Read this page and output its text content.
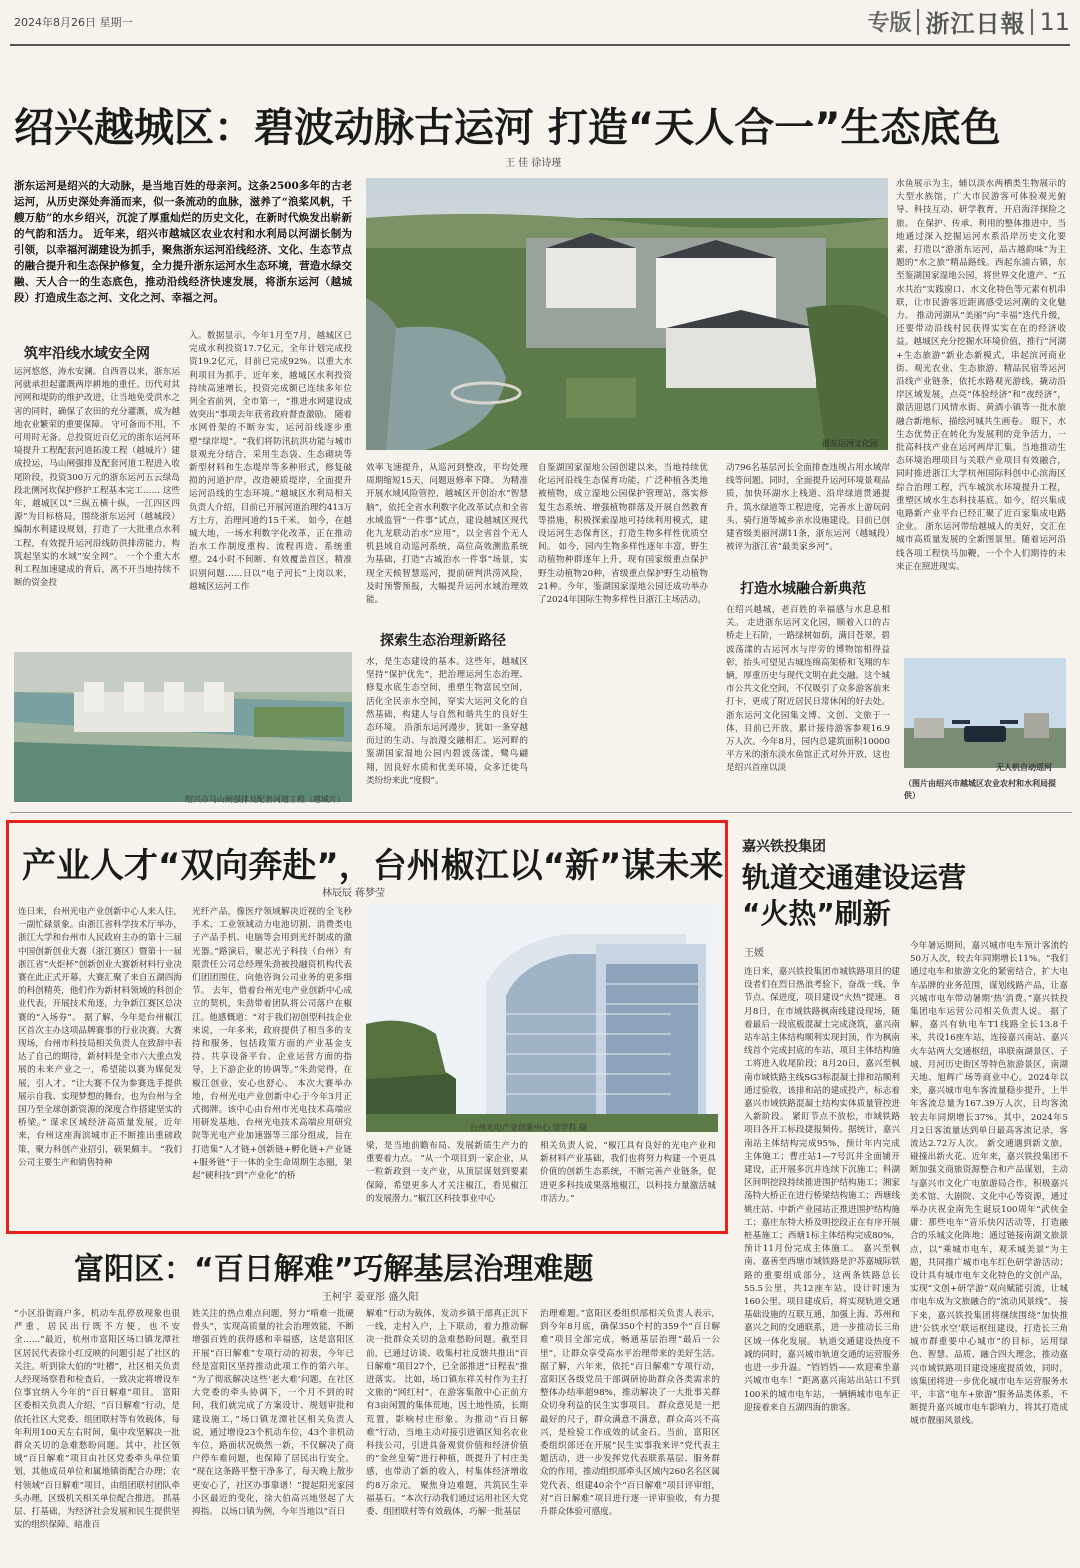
2024年8月26日 星期一	专版 浙江日報 11
绍兴越城区：碧波动脉古运河 打造“天人合一”生态底色
王 佳 徐诗瑾
浙东运河是绍兴的大动脉，是当地百姓的母亲河。这条2500多年的古老运河，从历史深处奔涌而来，似一条流动的血脉，滋养了“浪桨风帆，千艘万舫”的水乡绍兴，沉淀了厚重灿烂的历史文化，在新时代焕发出崭新的气韵和活力。 近年来，绍兴市越城区农业农村和水利局以河湖长制为引领，以幸福河湖建设为抓手，聚焦浙东运河沿线经济、文化、生态节点的融合提升和生态保护修复，全力提升浙东运河水生态环境，营造水绿交融、天人合一的生态底色，推动沿线经济快速发展，将浙东运河（越城段）打造成生态之河、文化之河、幸福之河。
筑牢沿线水域安全网
运河悠悠，涛水安澜。自西晋以来，浙东运河就承担起灌溉两岸耕地的重任。历代对其河网和堤防的维护改进，让当地免受洪水之害的同时，确保了农田的充分灌溉，成为越地农业繁荣的重要保障。 守可备而不用，不可用时无备。总投资近百亿元的浙东运河环境提升工程配套河道拓浚工程（越城片）建成投运，马山闸强排及配套河道工程进入收尾阶段，投资300万元的浙东运河五云绿岛段北侧河坎保护修护工程基本完工…… 这些年，越城区以“三纵五横十纵，一江四区四源”为目标格局，围绕浙东运河（越城段）编制水利建设规划，打造了一大批重点水利工程，有效提升运河沿线防洪排涝能力，构筑起坚实的水域“安全网”。 一个个重大水利工程加速建成的背后，离不开当地持续不断的资金投
入。数据显示，今年1月至7月，越城区已完成水利投资17.7亿元，全年计划完成投资19.2亿元，目前已完成92%。以重大水利项目为抓手，近年来，越城区水利投资持续高速增长，投资完成额已连续多年位列全省前列，全市第一，“推进水网建设成效突出”事项去年获省政府督查激励。 随着水网骨架的不断夯实，运河沿线逐步重塑“绿岸堤”。“我们将防汛抗洪功能与城市景观充分结合，采用生态袋、生态砌块等新型材料和生态堤岸等多种形式，修复破损的河道护岸，改造硬质堤岸，全面提升运河沿线的生态环境。”越城区水利局相关负责人介绍，目前已开展河道治理约413万方土方，治理河道约15千米。 如今，在越城大地，一场水利数字化改革，正在推动治水工作制度重构、流程再造、系统重塑。24小时不间断、有效覆盖首区，精准识别问题……日以“电子河长”上岗以来，越城区运河工作
浙东运河文化园
水鱼展示为主，辅以淡水两栖类生物展示的大型水族馆，广大市民游客可体验观光俯导、科技互动、研学教育，开启海洋探险之旅。 在保护、传承、利用的整体推进中，当地通过深入挖掘运河水系沿岸历史文化要素，打造以“游浙东运河，品古越韵味”为主题的“水之旅”精品路线。西起东浦古镇，东至鉴湖国家湿地公园，将世界文化遗产、“五水共治”实践窗口、水文化特色等元素有机串联，让市民游客近距离感受运河潮的文化魅力。 推动河湖从“美丽”向“幸福”迭代升级，还要带动沿线村民获得实实在在的经济收益。越城区充分挖掘水环境价值，推行“河湖+生态旅游”新业态新模式，串起滨河商业街、观光农业、生态旅游、精品民宿等运河沿线产业链条，依托水路观光游线，撬动沿岸区域发展，点亮“体验经济”和“夜经济”，激活迎恩门风情水街、黄酒小镇等一批水旅融合新地标，描绘河城共生画卷。 眼下，水生态优势正在转化为发展利的竞争活力，一批高科技产业在运河两岸汇集。当地推动生态环境治理项目与关联产业项目有效融合，同时推进浙江大学杭州国际科创中心滨海区综合治理工程，汽车城滨水环境提升工程，重塑区域水生态科技基底。如今，绍兴集成电路新产业平台已经汇聚了近百家集成电路企业。 浙东运河带给越城人的美好，交汇在城市高质量发展的全新图景里。随着运河沿线各项工程快马加鞭，一个个人们期待的未来正在照进现实。
绍兴市马山闸强排及配套河道工程（越城片）
效率飞速提升，从巡河到整改，平均处理周期缩短15天，问题返修率下降。 为精准开展水域风险管控，越城区开创治水“智慧脑”，依托全省水利数字化改革试点和全省水域监管“一件事”试点，建设越城区现代化九龙联动治水“应用”，以全省首个无人机县域自动巡河系统，高位高效测监系统为基础，打造“古城治水一件事”场景，实现全天候智慧巡河，提前研判洪涝风险，及时预警预报，大幅提升运河水域治理效能。
探索生态治理新路径
水，是生态建设的基本。这些年，越城区坚持“保护优先”，把治理运河生态治理、修复水底生态空间，重塑生物富民空间，活化全民亲水空间，穿实大运河文化的自然基础，构建人与自然和谐共生的良好生态环境。 沿浙东运河漫步，犹如一条穿越而过的生动、与浪漫交融相汇。运河畔的鉴湖国家湿地公园内碧波荡漾，鹭鸟翩翔，因良好水质和优美环境，众多迁徙鸟类纷纷来此“度假”。
自鉴湖国家湿地公园创建以来，当地持续优化运河沿线生态保育功能，广泛种植各类地被植物，成立湿地公园保护管理站，落实修复生态系统、增强植物群落及开展自然教育等措施，积极探索湿地可持续利用模式，建设运河生态保育区，打造生物多样性优质空间。 如今，园内生物多样性逐年丰富，野生动植物种群逐年上升，现有国家级重点保护野生动植物20种，省级重点保护野生动植物21种。今年，鉴湖国家湿地公园还成功举办了2024年国际生物多样性日浙江主场活动。
动796名基层河长全面排查违规占用水域岸线等问题。同时，全面提升运河环境景观品质，加快环湖水上栈道、沿岸绿道贯通提升，筑水绿道等工程进度，完善水上游玩码头、骑行道等城乡亲水设施建设。目前已创建省级美丽河湖11条，浙东运河（越城段）被评为浙江省“最美家乡河”。
打造水城融合新典范
在绍兴越城，老百姓的幸福感与水息息相关。 走进浙东运河文化园，顺着入口的古桥走上石阶，一路绿树如荫，满目苍翠，碧波荡漾的古运河水与岸旁的博物馆相得益彰，抬头可望见古城连绵高架桥和飞翔的车辆，厚重历史与现代文明在此交融。这个城市公共文化空间，不仅吸引了众多游客前来打卡，更成了附近居民日常休闲的好去处。 浙东运河文化园集文博、文创、文旅于一体，目前已开放，累计接待游客参观16.9万人次。今年8月，园内总建筑面积10000平方米的浙东淡水鱼馆正式对外开放，这也是绍兴首座以淡	无人机自动巡河
（图片由绍兴市越城区农业农村和水利局提供）
产业人才“双向奔赴”，台州椒江以“新”谋未来
林辰辰 蒋梦莹
连日来，台州光电产业创新中心人来人往，一副忙碌景象。由浙江省科学技术厅举办，浙江大学和台州市人民政府主办的第十三届中国创新创业大赛（浙江赛区）暨第十一届浙江省“火炬杯”创新创业大赛新材料行业决赛在此正式开幕。大赛汇聚了来自五湖四海的科创精英，他们作为新材料领域的科创企业代表，开展技术角逐，力争新江赛区总决赛的“入场券”。 据了解，今年是台州椒江区首次主办这项品牌赛事的行业决赛。大赛现场，台州市科技局相关负责人在致辞中表达了自己的期待，新材料是全市六大重点发展的未来产业之一，希望能以赛为媒促发展，引人才。“让大赛不仅为参赛选手提供展示自我、实现梦想的舞台，也为台州与全国乃至全球创新资源的深度合作搭建坚实的桥梁。” 谋求区域经济高质量发展，近年来，台州这座海滨城市正不断推出重磅政策，聚力科创产业招引，硕果颇丰。 “我们公司主要生产和销售特种
光纤产品，像医疗领域解决近视的全飞秒手术、工业领域动力电池切割、消费类电子产品手机、电脑等会用到光纤制成的激光器。”路演后，聚芯光子科技（台州）有限责任公司总经理朱劲被投融资机构代表们团团围住，向他咨询公司业务的更多细节。 去年，借着台州光电产业创新中心成立的契机，朱劲带着团队将公司落户在椒江。他感慨道：“对于我们初创型科技企业来说，一年多来，政府提供了相当多的支持和服务，包括政策方面的产业基金支持、共享设备平台、企业运营方面的指导，上下游企业的协调等。”朱劲觉得，在椒江创业，安心也舒心。 本次大赛举办地，台州光电产业创新中心于今年3月正式揭牌。该中心由台州市光电技术高端应用研发基地、台州光电技术高端应用研究院等光电产业加速器等三部分组成，旨在打造集“人才链+创新链+孵化链+产业链+服务链”于一体的全生命周期生态圈，架起“硬科技”到“产业化”的桥
台州光电产业创新中心 徐学科 摄
梁，是当地前瞻布局、发展新质生产力的重要着力点。 “从一个项目到一家企业，从一粒新政到一支产业，从顶层谋划到要素保障，希望更多人才关注椒江，看见椒江的发展潜力。”椒江区科技事业中心
相关负责人说，“椒江具有良好的光电产业和新材料产业基础，我们也将努力构建一个更具价值的创新生态系统，不断完善产业链条，促进更多科技成果落地椒江，以科技力量激活城市活力。”
嘉兴铁投集团
轨道交通建设运营
“火热”刷新
王媛
连日来，嘉兴铁投集团市城铁路项目的建设者们在烈日热浪考验下，奋战一线，争节点、保进度，项目建设“火热”提速。 8月8日，在市域铁路枫南线建设现场，随着最后一段底板混凝土完成浇筑，嘉兴南站车站主体结构顺利实现封顶，作为枫南线首个完成封底的车站，项目主体结构施工将进入收尾阶段；8月20日，嘉兴至枫南市域铁路主线SG3标混凝土排和站顺利通过验收，该排和站的建成投产，标志着嘉兴市域铁路混凝土结构实体质量管控进入新阶段。 紧盯节点不放松，市域铁路项目各开工标段捷报频传。据统计，嘉兴南站主体结构完成95%，预计年内完成主体施工；曹庄站1—7号沉井全面铺开建设，正开展多沉井连续下沉施工；科湖区间明挖段持续推进围护结构施工；湘家荡特大桥正在进行桥梁结构施工；西塘线姚庄站、中新产业园站正推进围护结构施工；嘉庄东特大桥及明挖段正在有序开展桩基施工；西塘1标主体结构完成80%，预计11月份完成主体施工。 嘉兴至枫南、嘉善至西塘市域铁路是沪苏嘉城际铁路的重要组成部分，这两条铁路总长55.5公里，共12座车站，设计时速为160公里。项目建成后，将实现轨道交通基础设施的互联互通，加强上海、苏州和嘉兴之间的交通联系，进一步推动长三角区域一体化发展。 轨道交通建设热度不减的同时，嘉兴城市轨道交通的运营服务也进一步升温。“铛铛铛——欢迎乘坐嘉兴城市电车！”距离嘉兴南站出站口不到100米的城市电车站，一辆辆城市电车正迎接着来自五湖四海的旅客。
今年暑运期间，嘉兴城市电车预计客流约50万人次，较去年同期增长11%。“我们通过电车和旅游文化的紧密结合，扩大电车品牌的业务范围，谋划线路产品，让嘉兴城市电车带动暑期‘热’消费。”嘉兴铁投集团电车运营公司相关负责人说。 据了解，嘉兴有轨电车T1线路全长13.8千米，共设16座车站，连接嘉兴南站、嘉兴火车站两大交通枢纽，串联南湖景区、子城、月河历史街区等特色旅游景区，南湖天地、旭辉广场等商业中心。2024年以来，嘉兴城市电车客流量稳步提升，上半年客流总量为167.39万人次，日均客流较去年同期增长37%。其中，2024年5月2日客流量达到单日最高客流记录，客流达2.72万人次。 新交通遇到新文旅，碰撞出新火花。近年来，嘉兴铁投集团不断加强文商旅资源整合和产品谋划，主动与嘉兴市文化广电旅游局合作，积极嘉兴美术馆、大剧院、文化中心等资源，通过举办庆祝金南先生诞辰100周年“武侠金庸：那些电车”音乐快闪活动等，打造融合的乐城文化阵地；通过链接南湖文旅景点，以“乘城市电车，观禾城美景”为主题，共同推广城市电车红色研学游活动；设计具有城市电车文化特色的文创产品，实现“文创+研学游”双向赋能引流，让城市电车成为文旅融合的“流动风景线”。 接下来，嘉兴铁投集团将继续围绕“加快推进‘公铁水空’联运枢纽建设，打造长三角城市群重要中心城市”的目标，运用绿色、智慧、品质、融合四大理念，推动嘉兴市域铁路项目建设速度提质效，同时，该集团将进一步优化城市电车运营服务水平，丰富“电车+旅游”服务品类体系，不断提升嘉兴城市电车影响力，将其打造成城市靓丽风景线。
富阳区：“百日解难”巧解基层治理难题
王柯宇 姜亚彤 盛久阳
“小区沿街商户多，机动车乱停放现象也很严重，居民出行既不方便，也不安全……”最近，杭州市富阳区场口镇龙潭社区居民代表徐小红反映的问题引起了社区的关注。听到徐大伯的“吐槽”，社区相关负责人经现场察看和检查后，一致决定将增设车位事宜纳入今年的“百日解难”项目。 富阳区委相关负责人介绍，“百日解难”行动，是依托社区大党委、组团联村等有效载体，每年利用100天左右时间，集中攻坚解决一批群众关切的急难愁盼问题。其中，社区领域“百日解难”项目由社区党委牵头单位策划，其他成员单位和属地镇街配合办理；农村领域“百日解难”项目，由组团联村团队牵头办理，区级机关相关单位配合推进。 抓基层、打基础，为经济社会发展和民生提供坚实的组织保障。暗准百
姓关注的热点难点问题，努力“啃难一批硬骨头”，实现高质量的社会治理效能，不断增强百姓的获得感和幸福感，这是富阳区开展“百日解难”专项行动的初衷，今年已经是富阳区坚持推动此项工作的第六年。 “为了彻底解决这些‘老大难’问题，在社区大党委的牵头协调下，一个月不到的时间，我们就完成了方案设计、规划审批和建设施工，”场口镇龙潭社区相关负责人说，通过增设23个机动车位，43个非机动车位，路面状况焕然一新，不仅解决了商户停车难问题，也保障了居民出行安全。 “现在这条路平整干净多了，每天晚上散步更安心了，社区办事靠谱！”提起阳光家园小区最近的变化，徐大伯高兴地竖起了大拇指。 以场口镇为例，今年当地以“百日
解难”行动为载体，发动乡镇干部真正沉下一线，走村入户，上下联动，着力推动解决一批群众关切的急难愁盼问题。截至目前，已通过访谈、收集村社反馈共推出“百日解难”项目27个，已全部推进“日程表”推进落实。 比如，场口镇东祥关村作为主打文旅的“网红村”，在游客集散中心正前方有3亩闲置的集体荒地，因土地性质，长期荒置，影响村庄形象。为推动“百日解难”行动，当地主动对接引进镇区知名农业科技公司，引进具备观赏价值和经济价值的“金丝皇菊”进行种植，既提升了村庄美感，也带动了新的收入，村集体经济增收约8万余元。 聚焦身边难题，共筑民生幸福基石。“本次行动我们通过运用社区大党委、组团联村等有效载体，巧解一批基层
治理难题。”富阳区委组织部相关负责人表示，到今年8月底，确保350个村的359个“百日解难”项目全部完成，畅通基层治理“最后一公里”，让群众享受高水平治理带来的美好生活。据了解，六年来，依托“百日解难”专项行动，富阳区各级党员干部调研协助群众各类需求的整体办结率超98%，推动解决了一大批事关群众切身利益的民生实事项目。 群众意见是一把最好的尺子，群众满意不满意，群众高兴不高兴，是检验工作成效的试金石。当前，富阳区委组织部还在开展“民生实事我来评”党代表主题活动，进一步发挥党代表联系基层、服务群众的作用，推动组织部牵头区域内260名名区属党代表、组建40余个“百日解难”项目评审组，对“百日解难”项目进行逐一评审验收，有力提升群众体验可感度。
